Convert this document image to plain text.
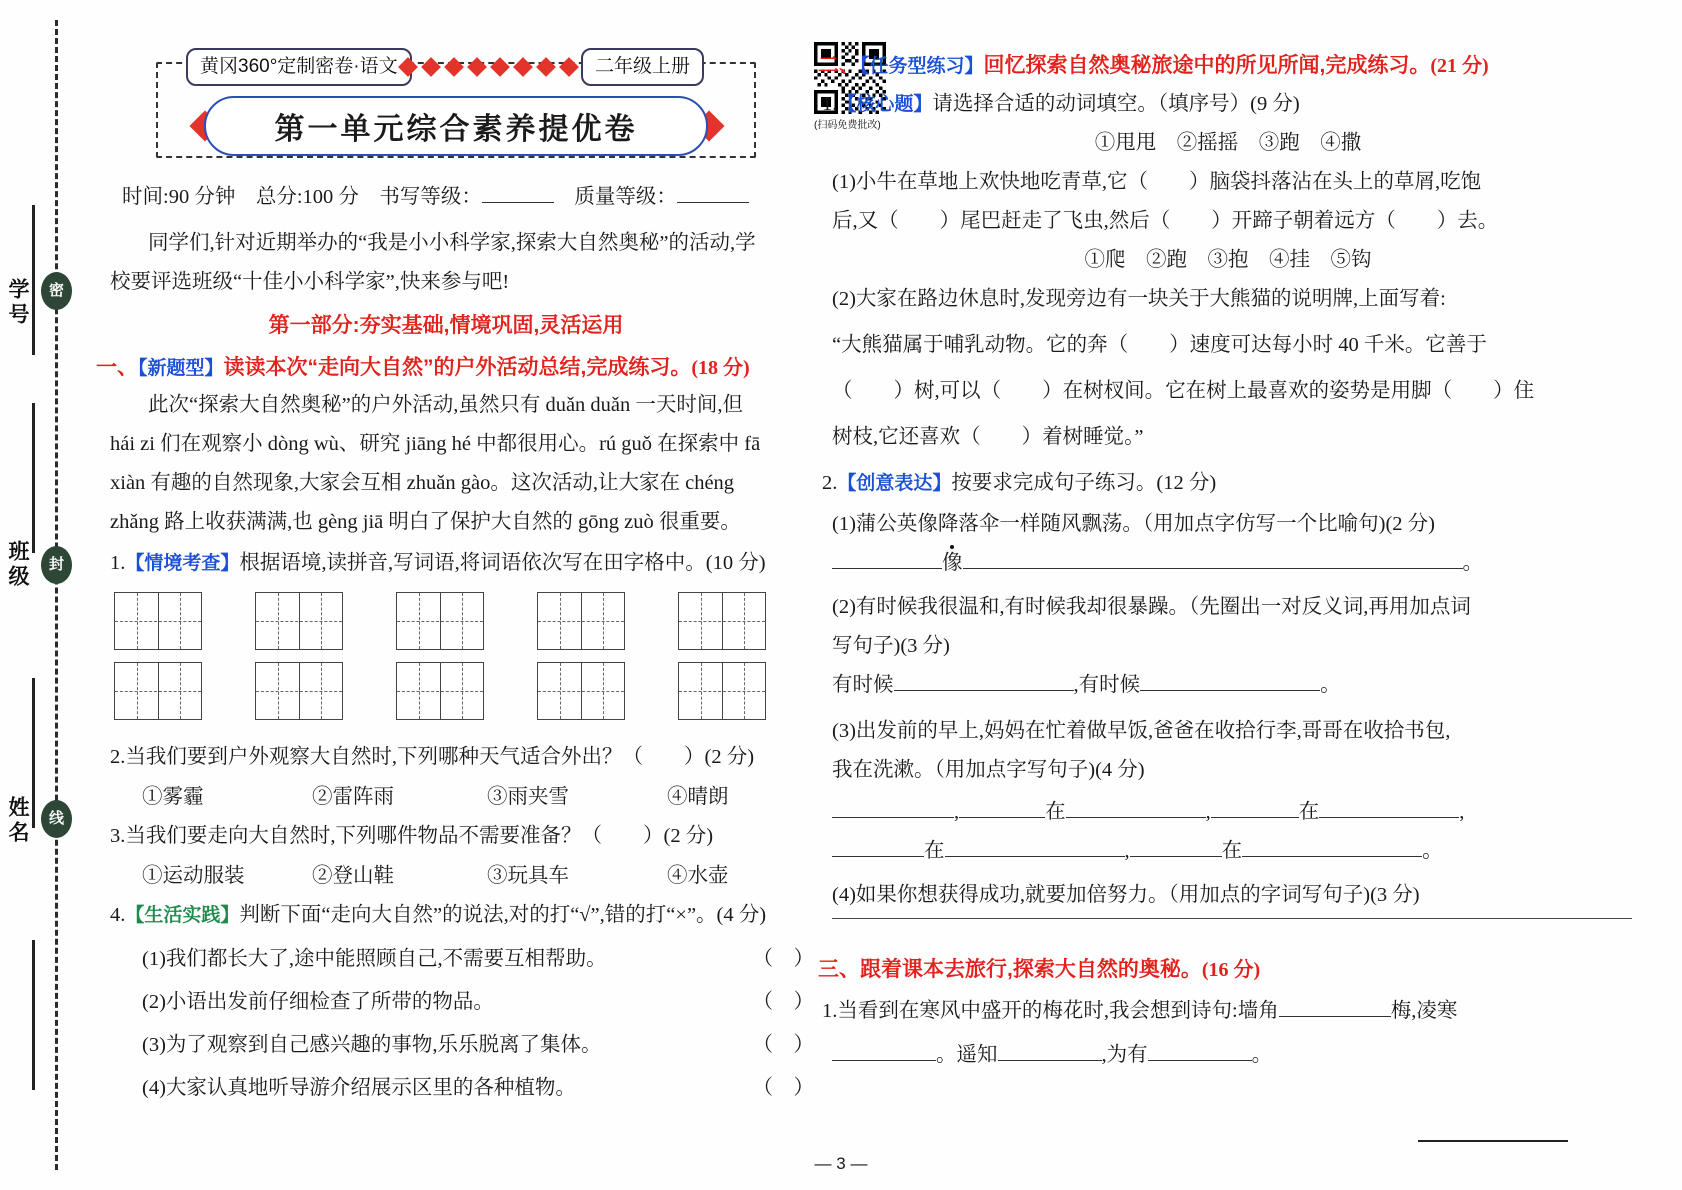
密
学号
封
班级
线
姓名
黄冈360°定制密卷·语文	二年级上册
第一单元综合素养提优卷	(扫码免费批改)
时间:90 分钟 总分:100 分 书写等级：	质量等级：
同学们,针对近期举办的“我是小小科学家,探索大自然奥秘”的活动,学
校要评选班级“十佳小小科学家”,快来参与吧!
第一部分:夯实基础,情境巩固,灵活运用
一、【新题型】读读本次“走向大自然”的户外活动总结,完成练习。(18 分)
此次“探索大自然奥秘”的户外活动,虽然只有 duǎn duǎn 一天时间,但
hái zi 们在观察小 dòng wù、研究 jiāng hé 中都很用心。rú guǒ 在探索中 fā
xiàn 有趣的自然现象,大家会互相 zhuǎn gào。这次活动,让大家在 chéng
zhǎng 路上收获满满,也 gèng jiā 明白了保护大自然的 gōng zuò 很重要。
1.【情境考查】根据语境,读拼音,写词语,将词语依次写在田字格中。(10 分)
2.当我们要到户外观察大自然时,下列哪种天气适合外出？（　　）(2 分)
①雾霾	②雷阵雨	③雨夹雪	④晴朗
3.当我们要走向大自然时,下列哪件物品不需要准备？（　　）(2 分)
①运动服装	②登山鞋	③玩具车	④水壶
4.【生活实践】判断下面“走向大自然”的说法,对的打“√”,错的打“×”。(4 分)
(1)我们都长大了,途中能照顾自己,不需要互相帮助。	（ ）
(2)小语出发前仔细检查了所带的物品。	（ ）
(3)为了观察到自己感兴趣的事物,乐乐脱离了集体。	（ ）
(4)大家认真地听导游介绍展示区里的各种植物。	（ ）
二、【任务型练习】回忆探索自然奥秘旅途中的所见所闻,完成练习。(21 分)
1.【核心题】请选择合适的动词填空。（填序号）(9 分)
①甩甩　②摇摇　③跑　④撒
(1)小牛在草地上欢快地吃青草,它（　　）脑袋抖落沾在头上的草屑,吃饱
后,又（　　）尾巴赶走了飞虫,然后（　　）开蹄子朝着远方（　　）去。
①爬　②跑　③抱　④挂　⑤钩
(2)大家在路边休息时,发现旁边有一块关于大熊猫的说明牌,上面写着:
“大熊猫属于哺乳动物。它的奔（　　）速度可达每小时 40 千米。它善于
（　　）树,可以（　　）在树杈间。它在树上最喜欢的姿势是用脚（　　）住
树枝,它还喜欢（　　）着树睡觉。”
2.【创意表达】按要求完成句子练习。(12 分)
(1)蒲公英像降落伞一样随风飘荡。（用加点字仿写一个比喻句)(2 分)
像	。
(2)有时候我很温和,有时候我却很暴躁。（先圈出一对反义词,再用加点词
写句子)(3 分)
有时候	,有时候	。
(3)出发前的早上,妈妈在忙着做早饭,爸爸在收拾行李,哥哥在收拾书包,
我在洗漱。（用加点字写句子)(4 分)
,	在	,	在	,
在	,	在	。
(4)如果你想获得成功,就要加倍努力。（用加点的字词写句子)(3 分)
三、跟着课本去旅行,探索大自然的奥秘。(16 分)
1.当看到在寒风中盛开的梅花时,我会想到诗句:墙角	梅,凌寒
。遥知	,为有	。
— 3 —
